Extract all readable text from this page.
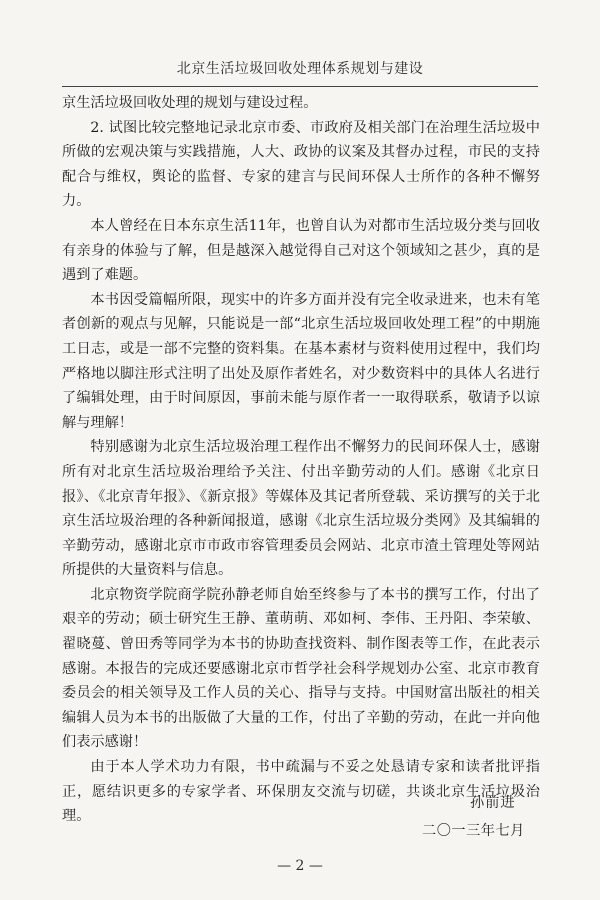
北京生活垃圾回收处理体系规划与建设

京生活垃圾回收处理的规划与建设过程。

2. 试图比较完整地记录北京市委、市政府及相关部门在治理生活垃圾中所做的宏观决策与实践措施，人大、政协的议案及其督办过程，市民的支持配合与维权，舆论的监督、专家的建言与民间环保人士所作的各种不懈努力。

本人曾经在日本东京生活11年，也曾自认为对都市生活垃圾分类与回收有亲身的体验与了解，但是越深入越觉得自己对这个领域知之甚少，真的是遇到了难题。

本书因受篇幅所限，现实中的许多方面并没有完全收录进来，也未有笔者创新的观点与见解，只能说是一部“北京生活垃圾回收处理工程”的中期施工日志，或是一部不完整的资料集。在基本素材与资料使用过程中，我们均严格地以脚注形式注明了出处及原作者姓名，对少数资料中的具体人名进行了编辑处理，由于时间原因，事前未能与原作者一一取得联系，敬请予以谅解与理解！

特别感谢为北京生活垃圾治理工程作出不懈努力的民间环保人士，感谢所有对北京生活垃圾治理给予关注、付出辛勤劳动的人们。感谢《北京日报》、《北京青年报》、《新京报》等媒体及其记者所登载、采访撰写的关于北京生活垃圾治理的各种新闻报道，感谢《北京生活垃圾分类网》及其编辑的辛勤劳动，感谢北京市市政市容管理委员会网站、北京市渣土管理处等网站所提供的大量资料与信息。

北京物资学院商学院孙静老师自始至终参与了本书的撰写工作，付出了艰辛的劳动；硕士研究生王静、董萌萌、邓如柯、李伟、王丹阳、李荣敏、翟晓蔓、曾田秀等同学为本书的协助查找资料、制作图表等工作，在此表示感谢。本报告的完成还要感谢北京市哲学社会科学规划办公室、北京市教育委员会的相关领导及工作人员的关心、指导与支持。中国财富出版社的相关编辑人员为本书的出版做了大量的工作，付出了辛勤的劳动，在此一并向他们表示感谢！

由于本人学术功力有限，书中疏漏与不妥之处恳请专家和读者批评指正，愿结识更多的专家学者、环保朋友交流与切磋，共谈北京生活垃圾治理。

孙前进
二〇一三年七月
— 2 —
